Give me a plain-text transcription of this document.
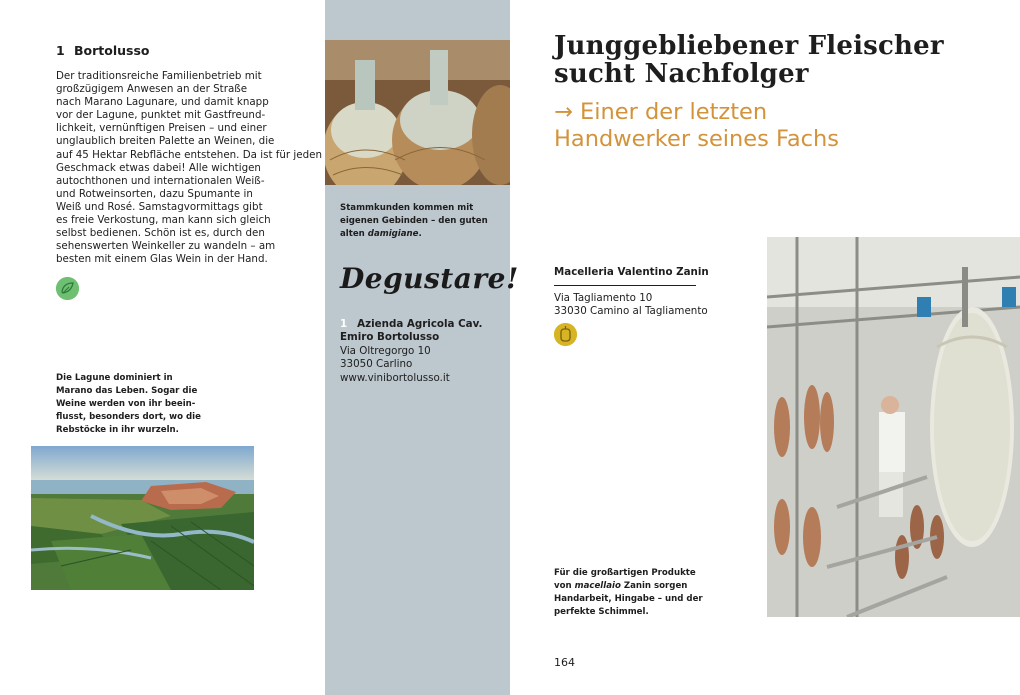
1 Bortolusso

Der traditionsreiche Familienbetrieb mit
großzügigem Anwesen an der Straße
nach Marano Lagunare, und damit knapp
vor der Lagune, punktet mit Gastfreund-
lichkeit, vernünftigen Preisen – und einer
unglaublich breiten Palette an Weinen, die
auf 45 Hektar Rebfläche entstehen. Da ist für jeden
Geschmack etwas dabei! Alle wichtigen
autochthonen und internationalen Weiß-
und Rotweinsorten, dazu Spumante in
Weiß und Rosé. Samstagvormittags gibt
es freie Verkostung, man kann sich gleich
selbst bedienen. Schön ist es, durch den
sehenswerten Weinkeller zu wandeln – am
besten mit einem Glas Wein in der Hand.

Die Lagune dominiert in
Marano das Leben. Sogar die
Weine werden von ihr beein-
flusst, besonders dort, wo die
Rebstöcke in ihr wurzeln.

Stammkunden kommen mit
eigenen Gebinden – den guten
alten damigiane.

Degustare!
1 Azienda Agricola Cav.
Emiro Bortolusso
Via Oltregorgo 10
33050 Carlino
www.vinibortolusso.it
Junggebliebener Fleischer
sucht Nachfolger
→ Einer der letzten
Handwerker seines Fachs
Macelleria Valentino Zanin
Via Tagliamento 10
33030 Camino al Tagliamento

Für die großartigen Produkte
von macellaio Zanin sorgen
Handarbeit, Hingabe – und der
perfekte Schimmel.

164
